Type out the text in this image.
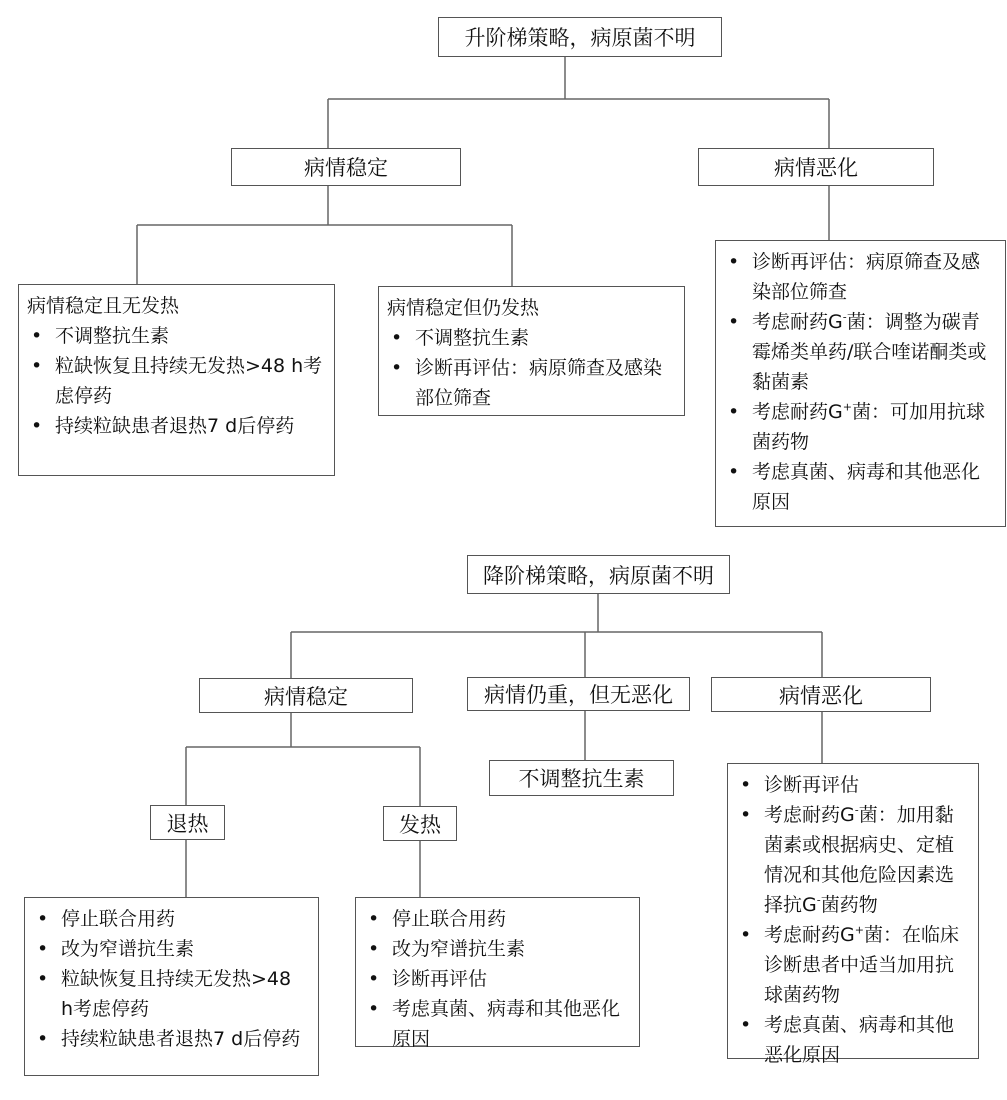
升阶梯策略，病原菌不明
病情稳定	病情恶化
病情稳定且无发热
• 不调整抗生素
• 粒缺恢复且持续无发热>48 h考虑停药
• 持续粒缺患者退热7 d后停药
病情稳定但仍发热
• 不调整抗生素
• 诊断再评估：病原筛查及感染部位筛查
• 诊断再评估：病原筛查及感染部位筛查
• 考虑耐药G-菌：调整为碳青霉烯类单药/联合喹诺酮类或黏菌素
• 考虑耐药G+菌：可加用抗球菌药物
• 考虑真菌、病毒和其他恶化原因
降阶梯策略，病原菌不明
病情稳定	病情仍重，但无恶化	病情恶化
不调整抗生素
退热	发热
• 停止联合用药
• 改为窄谱抗生素
• 粒缺恢复且持续无发热>48 h考虑停药
• 持续粒缺患者退热7 d后停药
• 停止联合用药
• 改为窄谱抗生素
• 诊断再评估
• 考虑真菌、病毒和其他恶化原因
• 诊断再评估
• 考虑耐药G-菌：加用黏菌素或根据病史、定植情况和其他危险因素选择抗G-菌药物
• 考虑耐药G+菌：在临床诊断患者中适当加用抗球菌药物
• 考虑真菌、病毒和其他恶化原因
